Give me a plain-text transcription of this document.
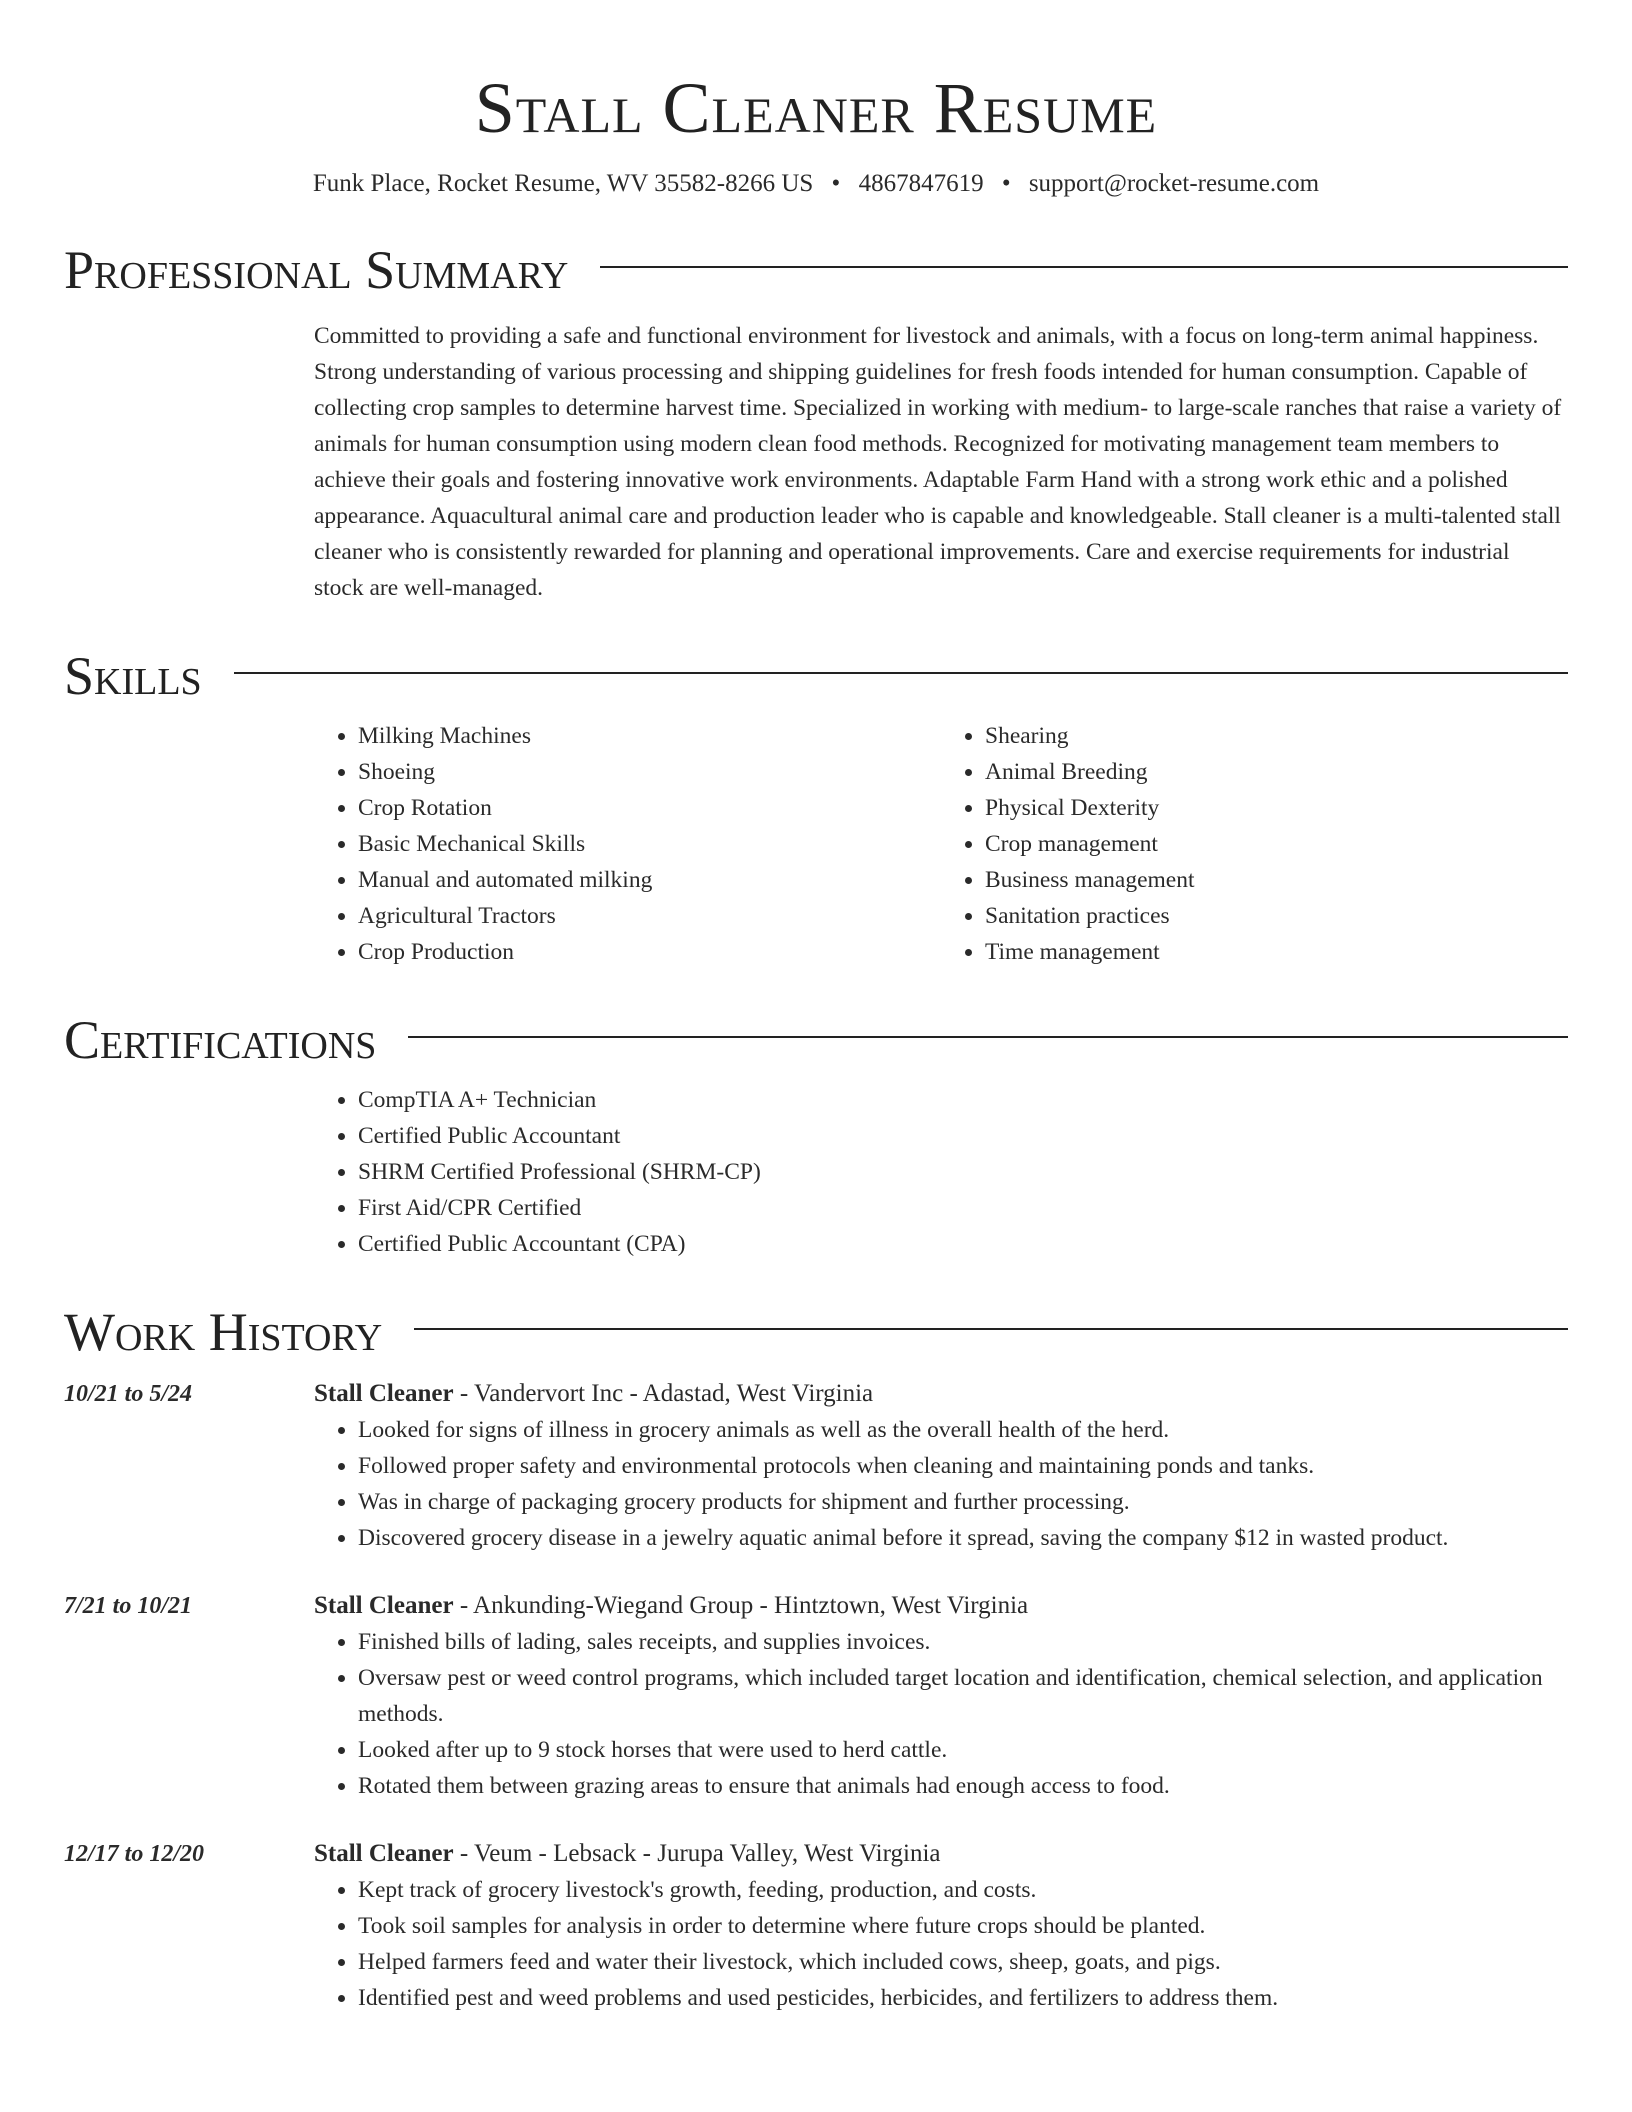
Stall Cleaner Resume
Funk Place, Rocket Resume, WV 35582-8266 US • 4867847619 • support@rocket-resume.com
Professional Summary
Committed to providing a safe and functional environment for livestock and animals, with a focus on long-term animal happiness. Strong understanding of various processing and shipping guidelines for fresh foods intended for human consumption. Capable of collecting crop samples to determine harvest time. Specialized in working with medium- to large-scale ranches that raise a variety of animals for human consumption using modern clean food methods. Recognized for motivating management team members to achieve their goals and fostering innovative work environments. Adaptable Farm Hand with a strong work ethic and a polished appearance. Aquacultural animal care and production leader who is capable and knowledgeable. Stall cleaner is a multi-talented stall cleaner who is consistently rewarded for planning and operational improvements. Care and exercise requirements for industrial stock are well-managed.
Skills
• Milking Machines
• Shoeing
• Crop Rotation
• Basic Mechanical Skills
• Manual and automated milking
• Agricultural Tractors
• Crop Production
• Shearing
• Animal Breeding
• Physical Dexterity
• Crop management
• Business management
• Sanitation practices
• Time management
Certifications
• CompTIA A+ Technician
• Certified Public Accountant
• SHRM Certified Professional (SHRM-CP)
• First Aid/CPR Certified
• Certified Public Accountant (CPA)
Work History
10/21 to 5/24	Stall Cleaner - Vandervort Inc - Adastad, West Virginia
• Looked for signs of illness in grocery animals as well as the overall health of the herd.
• Followed proper safety and environmental protocols when cleaning and maintaining ponds and tanks.
• Was in charge of packaging grocery products for shipment and further processing.
• Discovered grocery disease in a jewelry aquatic animal before it spread, saving the company $12 in wasted product.
7/21 to 10/21	Stall Cleaner - Ankunding-Wiegand Group - Hintztown, West Virginia
• Finished bills of lading, sales receipts, and supplies invoices.
• Oversaw pest or weed control programs, which included target location and identification, chemical selection, and application methods.
• Looked after up to 9 stock horses that were used to herd cattle.
• Rotated them between grazing areas to ensure that animals had enough access to food.
12/17 to 12/20	Stall Cleaner - Veum - Lebsack - Jurupa Valley, West Virginia
• Kept track of grocery livestock's growth, feeding, production, and costs.
• Took soil samples for analysis in order to determine where future crops should be planted.
• Helped farmers feed and water their livestock, which included cows, sheep, goats, and pigs.
• Identified pest and weed problems and used pesticides, herbicides, and fertilizers to address them.
